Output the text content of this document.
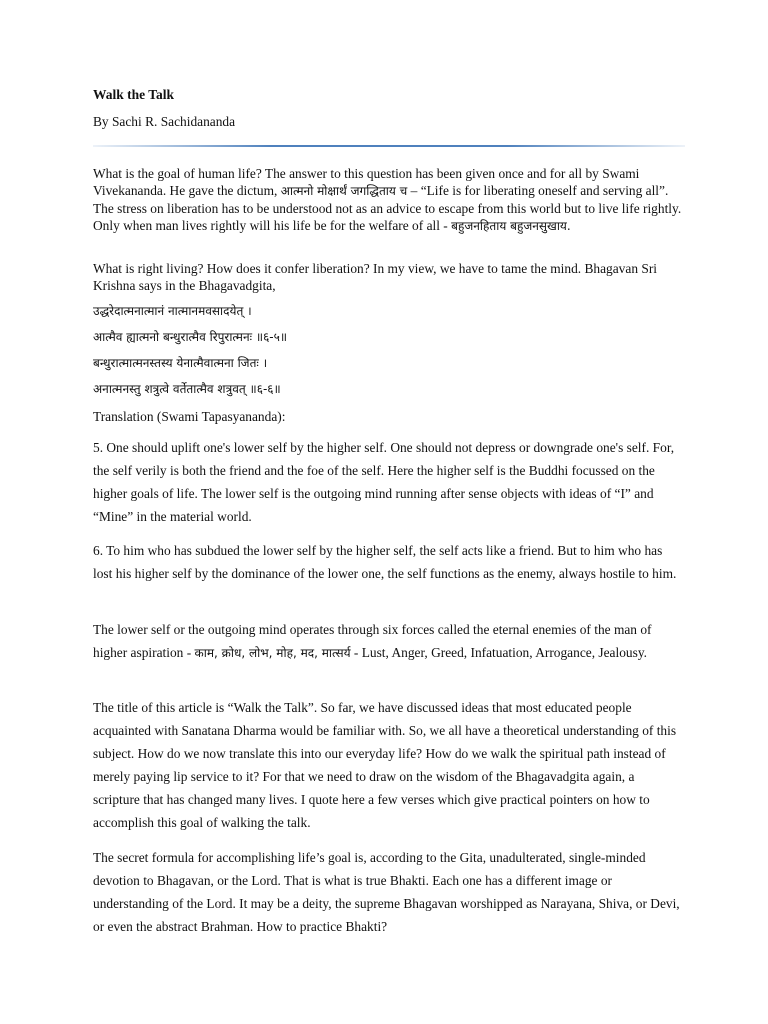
Walk the Talk

By Sachi R. Sachidananda

What is the goal of human life? The answer to this question has been given once and for all by Swami Vivekananda. He gave the dictum, आत्मनो मोक्षार्थं जगद्धिताय च – “Life is for liberating oneself and serving all”. The stress on liberation has to be understood not as an advice to escape from this world but to live life rightly. Only when man lives rightly will his life be for the welfare of all - बहुजनहिताय बहुजनसुखाय.

What is right living? How does it confer liberation? In my view, we have to tame the mind. Bhagavan Sri Krishna says in the Bhagavadgita,

उद्धरेदात्मनात्मानं नात्मानमवसादयेत् ।

आत्मैव ह्यात्मनो बन्धुरात्मैव रिपुरात्मनः ॥६-५॥

बन्धुरात्मात्मनस्तस्य येनात्मैवात्मना जितः ।

अनात्मनस्तु शत्रुत्वे वर्तेतात्मैव शत्रुवत् ॥६-६॥

Translation (Swami Tapasyananda):

5. One should uplift one's lower self by the higher self. One should not depress or downgrade one's self. For, the self verily is both the friend and the foe of the self. Here the higher self is the Buddhi focussed on the higher goals of life. The lower self is the outgoing mind running after sense objects with ideas of “I” and “Mine” in the material world.

6. To him who has subdued the lower self by the higher self, the self acts like a friend. But to him who has lost his higher self by the dominance of the lower one, the self functions as the enemy, always hostile to him.

The lower self or the outgoing mind operates through six forces called the eternal enemies of the man of higher aspiration - काम, क्रोध, लोभ, मोह, मद, मात्सर्य - Lust, Anger, Greed, Infatuation, Arrogance, Jealousy.

The title of this article is “Walk the Talk”. So far, we have discussed ideas that most educated people acquainted with Sanatana Dharma would be familiar with. So, we all have a theoretical understanding of this subject. How do we now translate this into our everyday life? How do we walk the spiritual path instead of merely paying lip service to it? For that we need to draw on the wisdom of the Bhagavadgita again, a scripture that has changed many lives. I quote here a few verses which give practical pointers on how to accomplish this goal of walking the talk.

The secret formula for accomplishing life’s goal is, according to the Gita, unadulterated, single-minded devotion to Bhagavan, or the Lord. That is what is true Bhakti. Each one has a different image or understanding of the Lord. It may be a deity, the supreme Bhagavan worshipped as Narayana, Shiva, or Devi, or even the abstract Brahman. How to practice Bhakti?
